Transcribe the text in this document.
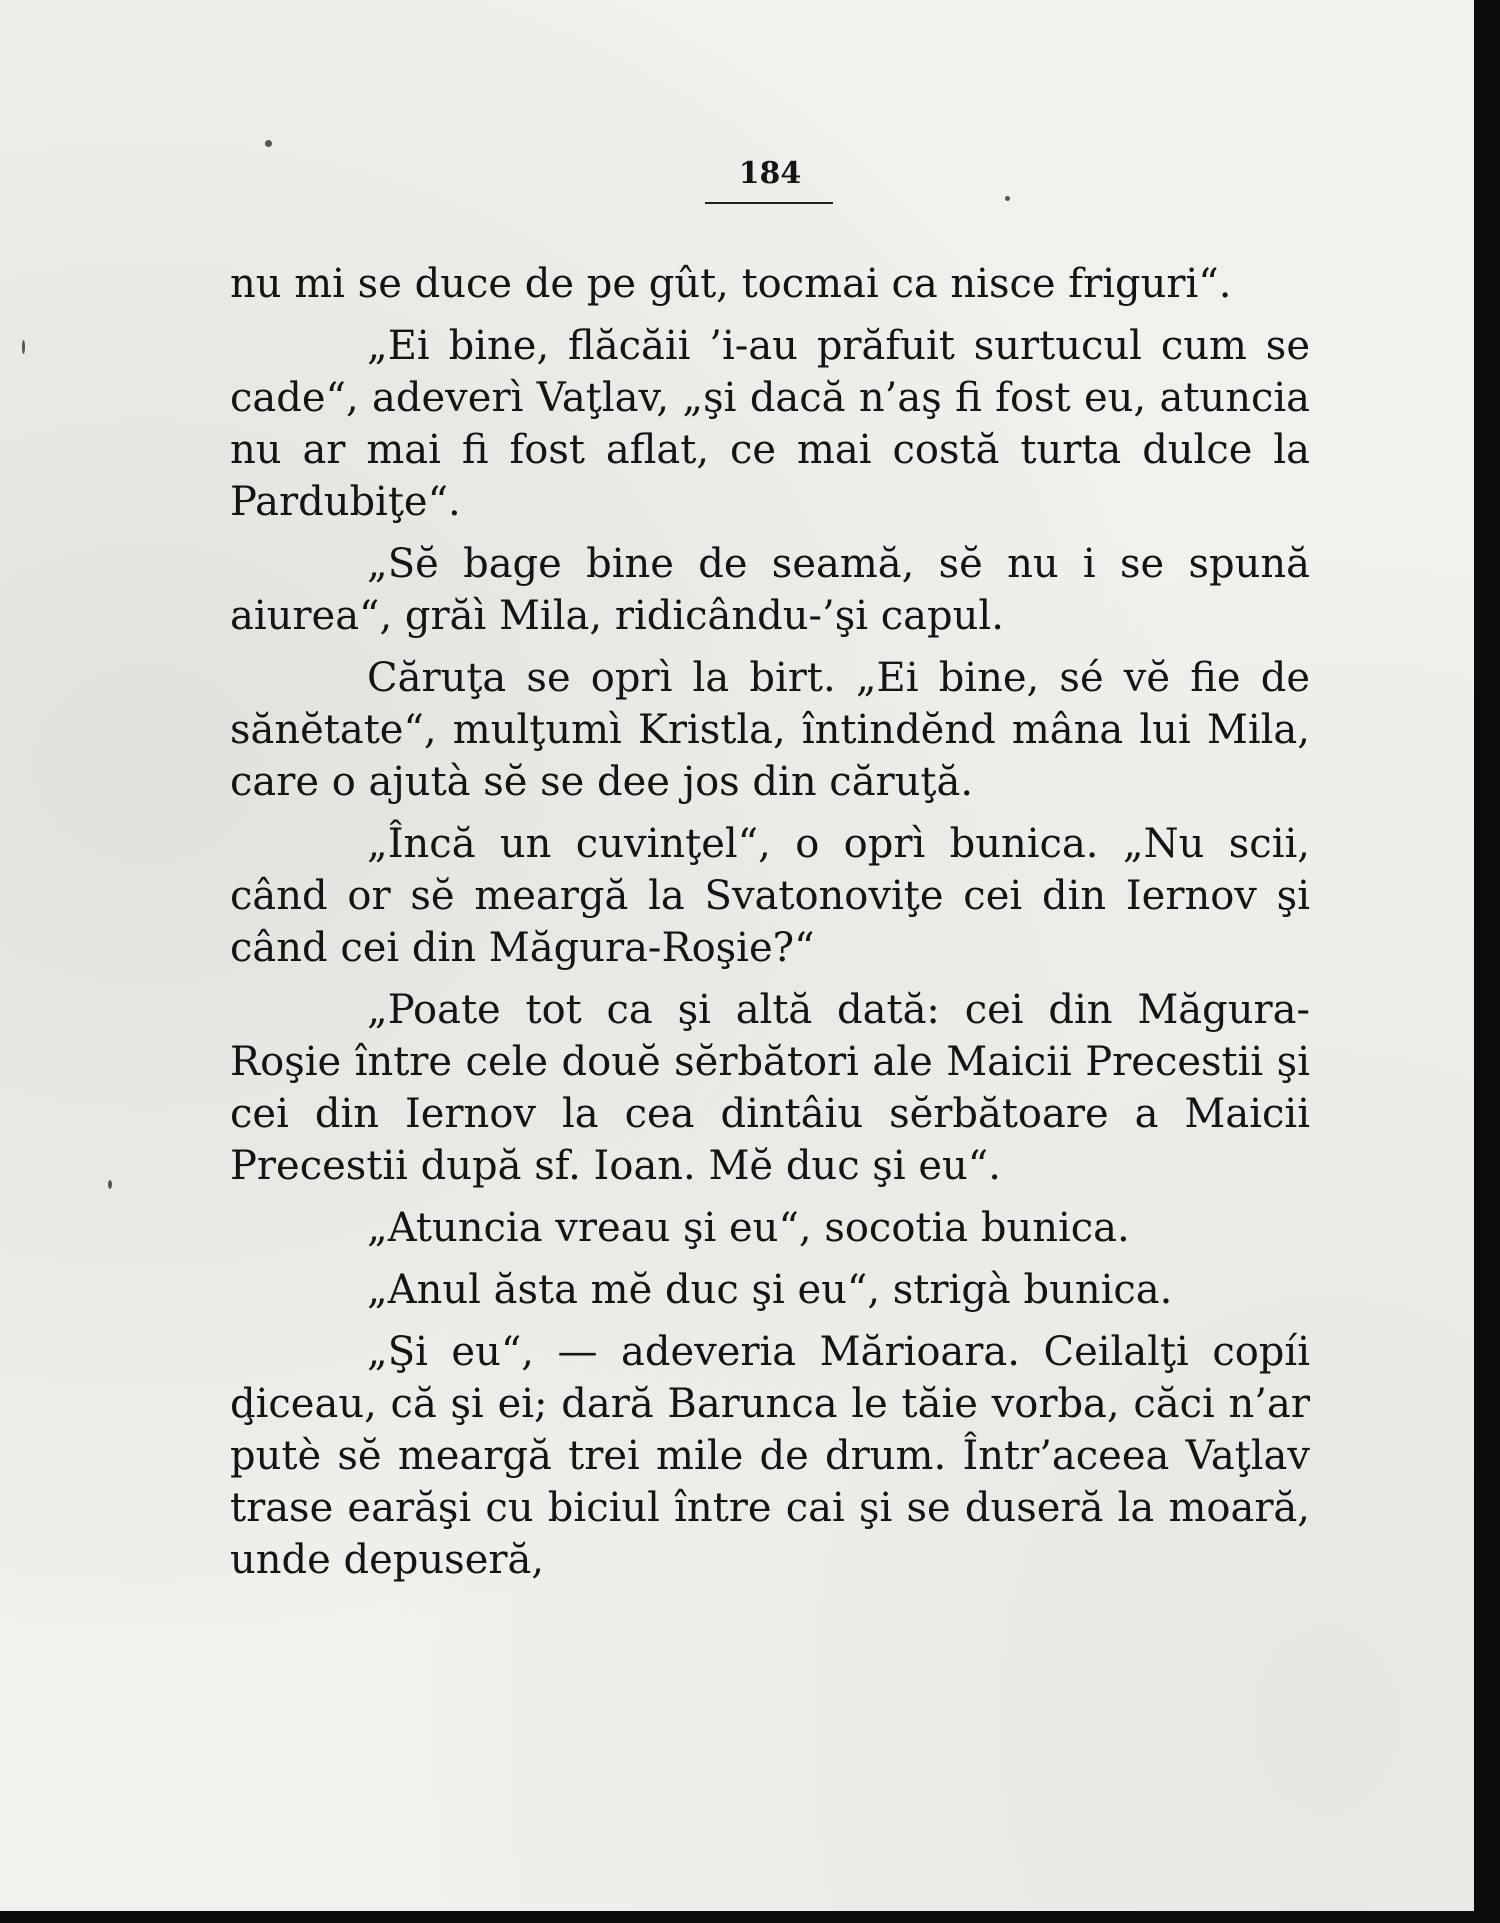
184

nu mi se duce de pe gût, tocmai ca nisce friguri“.

„Ei bine, flăcăii ’i-au prăfuit surtucul cum se cade“, adeverì Vaţlav, „şi dacă n’aş fi fost eu, atuncia nu ar mai fi fost aflat, ce mai costă turta dulce la Pardubiţe“.

„Sĕ bage bine de seamă, sĕ nu i se spună aiurea“, grăì Mila, ridicându-’şi capul.

Căruţa se oprì la birt. „Ei bine, sé vĕ fie de sănĕtate“, mulţumì Kristla, întindĕnd mâna lui Mila, care o ajutà sĕ se dee jos din căruţă.

„Încă un cuvinţel“, o oprì bunica. „Nu scii, când or sĕ meargă la Svatonoviţe cei din Iernov şi când cei din Măgura-Roşie?“

„Poate tot ca şi altă dată: cei din Măgura-Roşie între cele douĕ sĕrbători ale Maicii Precestii şi cei din Iernov la cea dintâiu sĕrbătoare a Maicii Precestii după sf. Ioan. Mĕ duc şi eu“.

„Atuncia vreau şi eu“, socotia bunica.

„Anul ăsta mĕ duc şi eu“, strigà bunica.

„Şi eu“, — adeveria Mărioara. Ceilalţi copíi ḑiceau, că şi ei; dară Barunca le tăie vorba, căci n’ar putè sĕ meargă trei mile de drum. Într’aceea Vaţlav trase earăşi cu biciul între cai şi se duseră la moară, unde depuseră,
